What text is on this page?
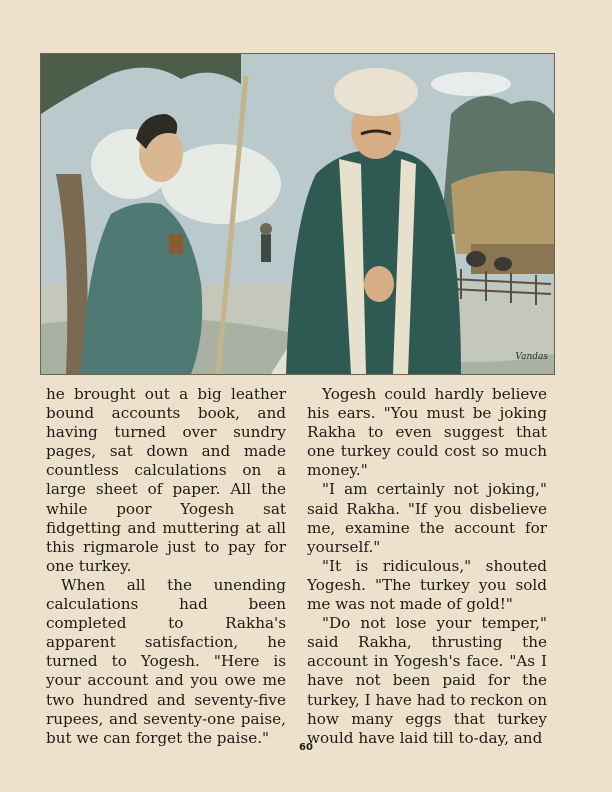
Vandas

he brought out a big leather bound accounts book, and having turned over sundry pages, sat down and made countless calculations on a large sheet of paper. All the while poor Yogesh sat fidgetting and muttering at all this rigmarole just to pay for one turkey.

When all the unending calculations had been completed to Rakha's apparent satisfaction, he turned to Yogesh. "Here is your account and you owe me two hundred and seventy-five rupees, and seventy-one paise, but we can forget the paise."

Yogesh could hardly believe his ears. "You must be joking Rakha to even suggest that one turkey could cost so much money."

"I am certainly not joking," said Rakha. "If you disbelieve me, examine the account for yourself."

"It is ridiculous," shouted Yogesh. "The turkey you sold me was not made of gold!"

"Do not lose your temper," said Rakha, thrusting the account in Yogesh's face. "As I have not been paid for the turkey, I have had to reckon on how many eggs that turkey would have laid till to-day, and

60
